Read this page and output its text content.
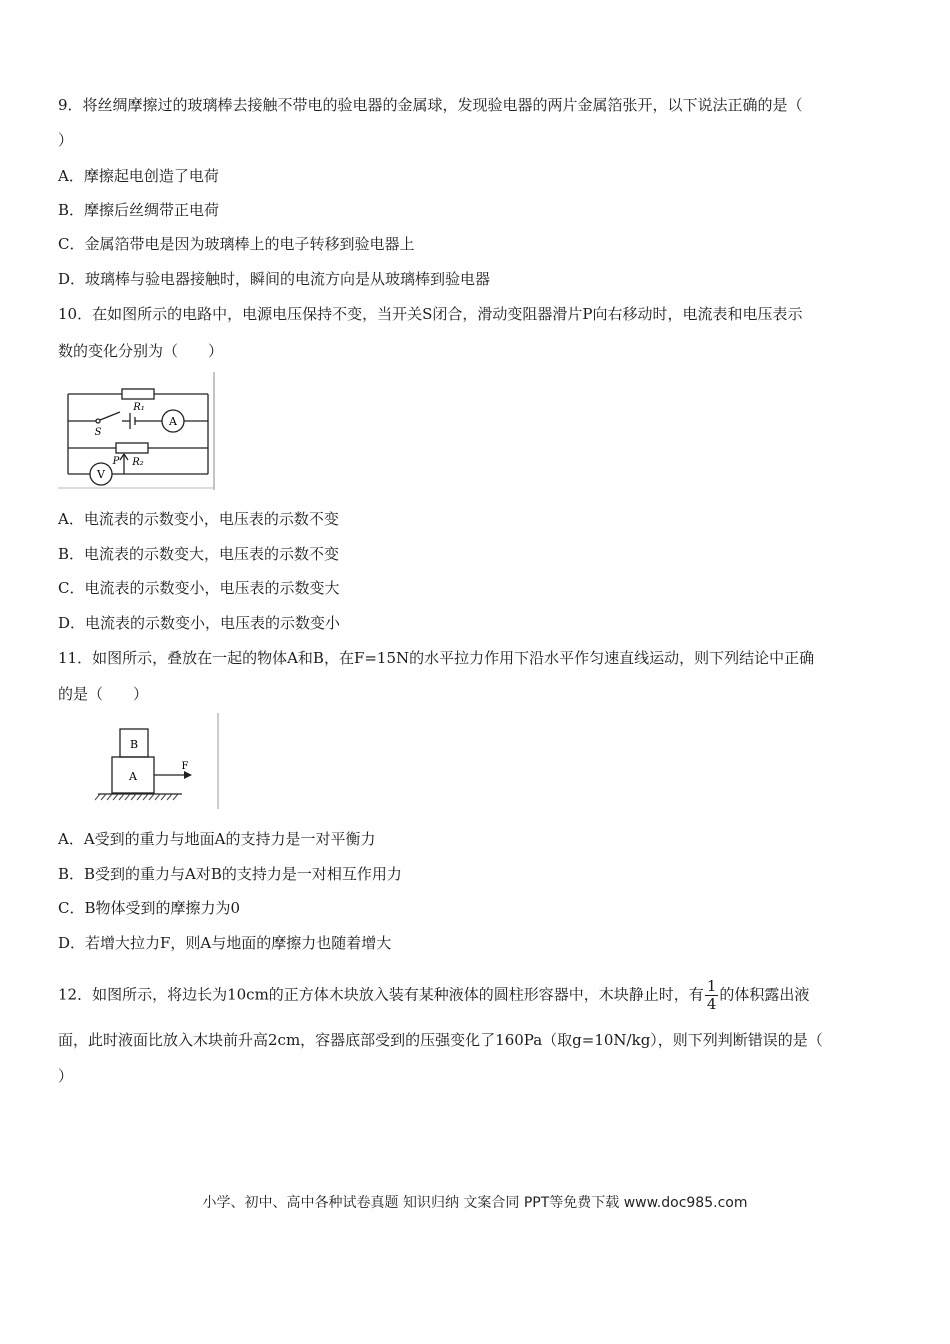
9．将丝绸摩擦过的玻璃棒去接触不带电的验电器的金属球，发现验电器的两片金属箔张开，以下说法正确的是（
）
A．摩擦起电创造了电荷
B．摩擦后丝绸带正电荷
C．金属箔带电是因为玻璃棒上的电子转移到验电器上
D．玻璃棒与验电器接触时，瞬间的电流方向是从玻璃棒到验电器
10．在如图所示的电路中，电源电压保持不变，当开关S闭合，滑动变阻器滑片P向右移动时，电流表和电压表示
数的变化分别为（　　）
R₁
S
A
P R₂
V
A．电流表的示数变小，电压表的示数不变
B．电流表的示数变大，电压表的示数不变
C．电流表的示数变小，电压表的示数变大
D．电流表的示数变小，电压表的示数变小
11．如图所示，叠放在一起的物体A和B，在F=15N的水平拉力作用下沿水平作匀速直线运动，则下列结论中正确
的是（　　）
B
A
F
A．A受到的重力与地面A的支持力是一对平衡力
B．B受到的重力与A对B的支持力是一对相互作用力
C．B物体受到的摩擦力为0
D．若增大拉力F，则A与地面的摩擦力也随着增大
12．如图所示，将边长为10cm的正方体木块放入装有某种液体的圆柱形容器中，木块静止时，有 $\frac{1}{4}$ 的体积露出液
面，此时液面比放入木块前升高2cm，容器底部受到的压强变化了160Pa（取g=10N/kg），则下列判断错误的是（
）
小学、初中、高中各种试卷真题 知识归纳 文案合同 PPT等免费下载 www.doc985.com
